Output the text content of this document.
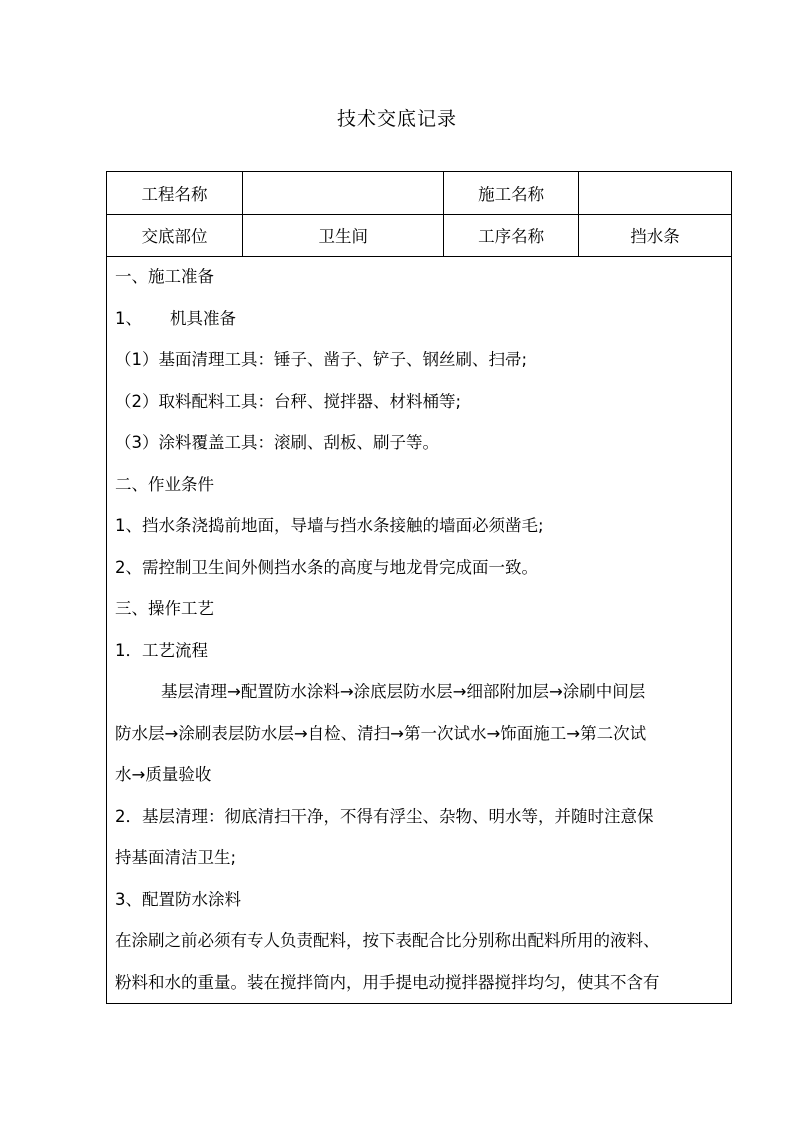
技术交底记录
工程名称		施工名称	
交底部位	卫生间	工序名称	挡水条
一、施工准备
1、 机具准备
（1）基面清理工具：锤子、凿子、铲子、钢丝刷、扫帚;
（2）取料配料工具：台秤、搅拌器、材料桶等;
（3）涂料覆盖工具：滚刷、刮板、刷子等。
二、作业条件
1、挡水条浇捣前地面，导墙与挡水条接触的墙面必须凿毛;
2、需控制卫生间外侧挡水条的高度与地龙骨完成面一致。
三、操作工艺
1．工艺流程
基层清理→配置防水涂料→涂底层防水层→细部附加层→涂刷中间层
防水层→涂刷表层防水层→自检、清扫→第一次试水→饰面施工→第二次试
水→质量验收
2．基层清理：彻底清扫干净，不得有浮尘、杂物、明水等，并随时注意保
持基面清洁卫生;
3、配置防水涂料
在涂刷之前必须有专人负责配料，按下表配合比分别称出配料所用的液料、
粉料和水的重量。装在搅拌筒内，用手提电动搅拌器搅拌均匀，使其不含有
